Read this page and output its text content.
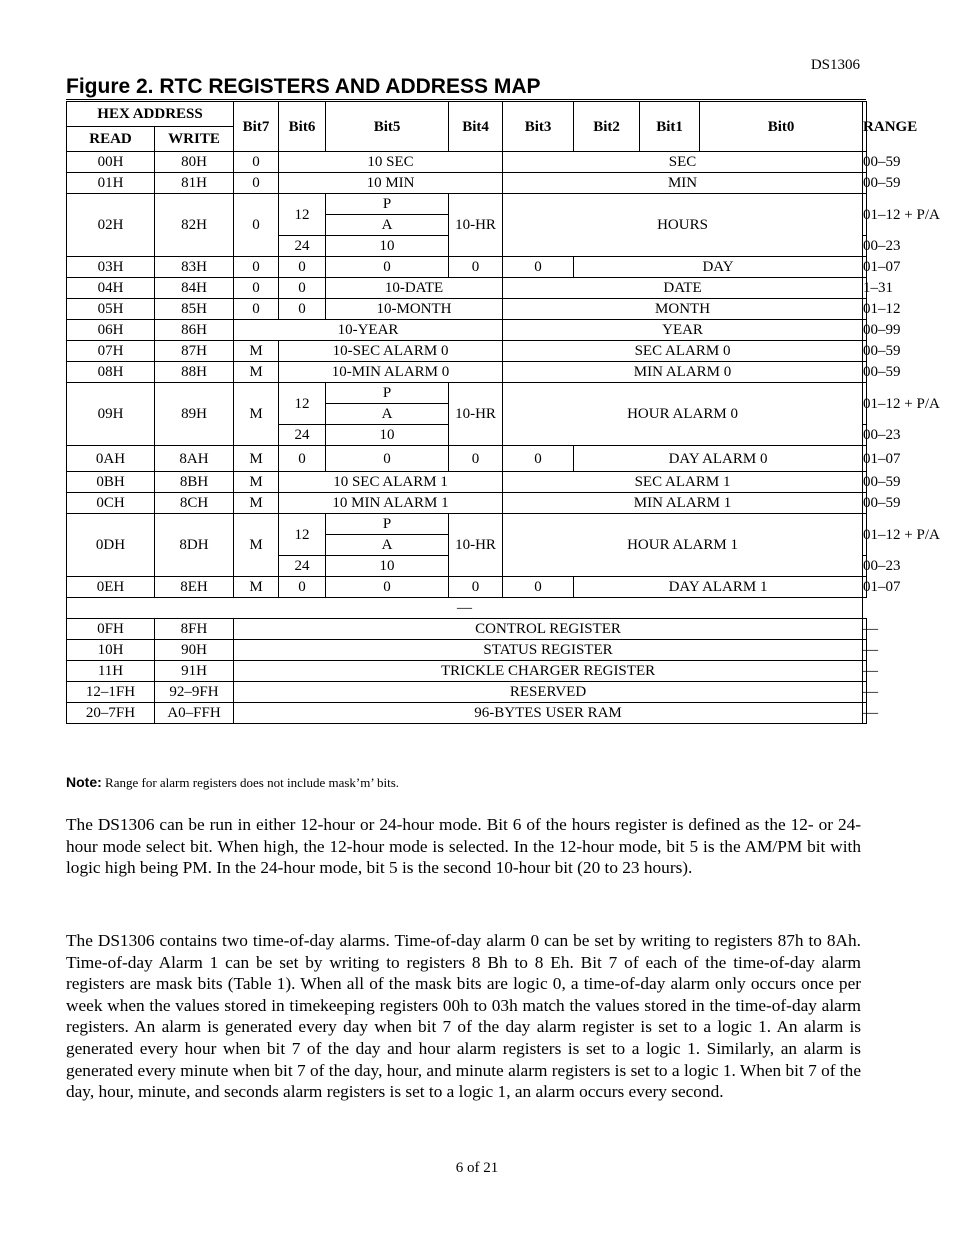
DS1306
Figure 2. RTC REGISTERS AND ADDRESS MAP
HEX ADDRESS		Bit7	Bit6	Bit5	Bit4	Bit3	Bit2	Bit1	Bit0	RANGE
READ	WRITE									
00H	80H	0	10 SEC			SEC				00–59
01H	81H	0	10 MIN			MIN				00–59
02H	82H	0	12	P	10-HR	HOURS				01–12 + P/A
				A						
			24	10						00–23
03H	83H	0	0	0	0	0	DAY			01–07
04H	84H	0	0	10-DATE		DATE				1–31
05H	85H	0	0	10-MONTH		MONTH				01–12
06H	86H	10-YEAR				YEAR				00–99
07H	87H	M	10-SEC ALARM 0			SEC ALARM 0				00–59
08H	88H	M	10-MIN ALARM 0			MIN ALARM 0				00–59
09H	89H	M	12	P	10-HR	HOUR ALARM 0				01–12 + P/A
				A						
			24	10						00–23
0AH	8AH	M	0	0	0	0	DAY ALARM 0			01–07
0BH	8BH	M	10 SEC ALARM 1			SEC ALARM 1				00–59
0CH	8CH	M	10 MIN ALARM 1			MIN ALARM 1				00–59
0DH	8DH	M	12	P	10-HR	HOUR ALARM 1				01–12 + P/A
				A						
			24	10						00–23
0EH	8EH	M	0	0	0	0	DAY ALARM 1			01–07
—										
0FH	8FH	CONTROL REGISTER								—
10H	90H	STATUS REGISTER								—
11H	91H	TRICKLE CHARGER REGISTER								—
12–1FH	92–9FH	RESERVED								—
20–7FH	A0–FFH	96-BYTES USER RAM								—
Note: Range for alarm registers does not include mask’m’ bits.

The DS1306 can be run in either 12-hour or 24-hour mode. Bit 6 of the hours register is defined as the 12- or 24-hour mode select bit. When high, the 12-hour mode is selected. In the 12-hour mode, bit 5 is the AM/PM bit with logic high being PM. In the 24-hour mode, bit 5 is the second 10-hour bit (20 to 23 hours).

The DS1306 contains two time-of-day alarms. Time-of-day alarm 0 can be set by writing to registers 87h to 8Ah. Time-of-day Alarm 1 can be set by writing to registers 8 Bh to 8 Eh. Bit 7 of each of the time-of-day alarm registers are mask bits (Table 1). When all of the mask bits are logic 0, a time-of-day alarm only occurs once per week when the values stored in timekeeping registers 00h to 03h match the values stored in the time-of-day alarm registers. An alarm is generated every day when bit 7 of the day alarm register is set to a logic 1. An alarm is generated every hour when bit 7 of the day and hour alarm registers is set to a logic 1. Similarly, an alarm is generated every minute when bit 7 of the day, hour, and minute alarm registers is set to a logic 1. When bit 7 of the day, hour, minute, and seconds alarm registers is set to a logic 1, an alarm occurs every second.

6 of 21
